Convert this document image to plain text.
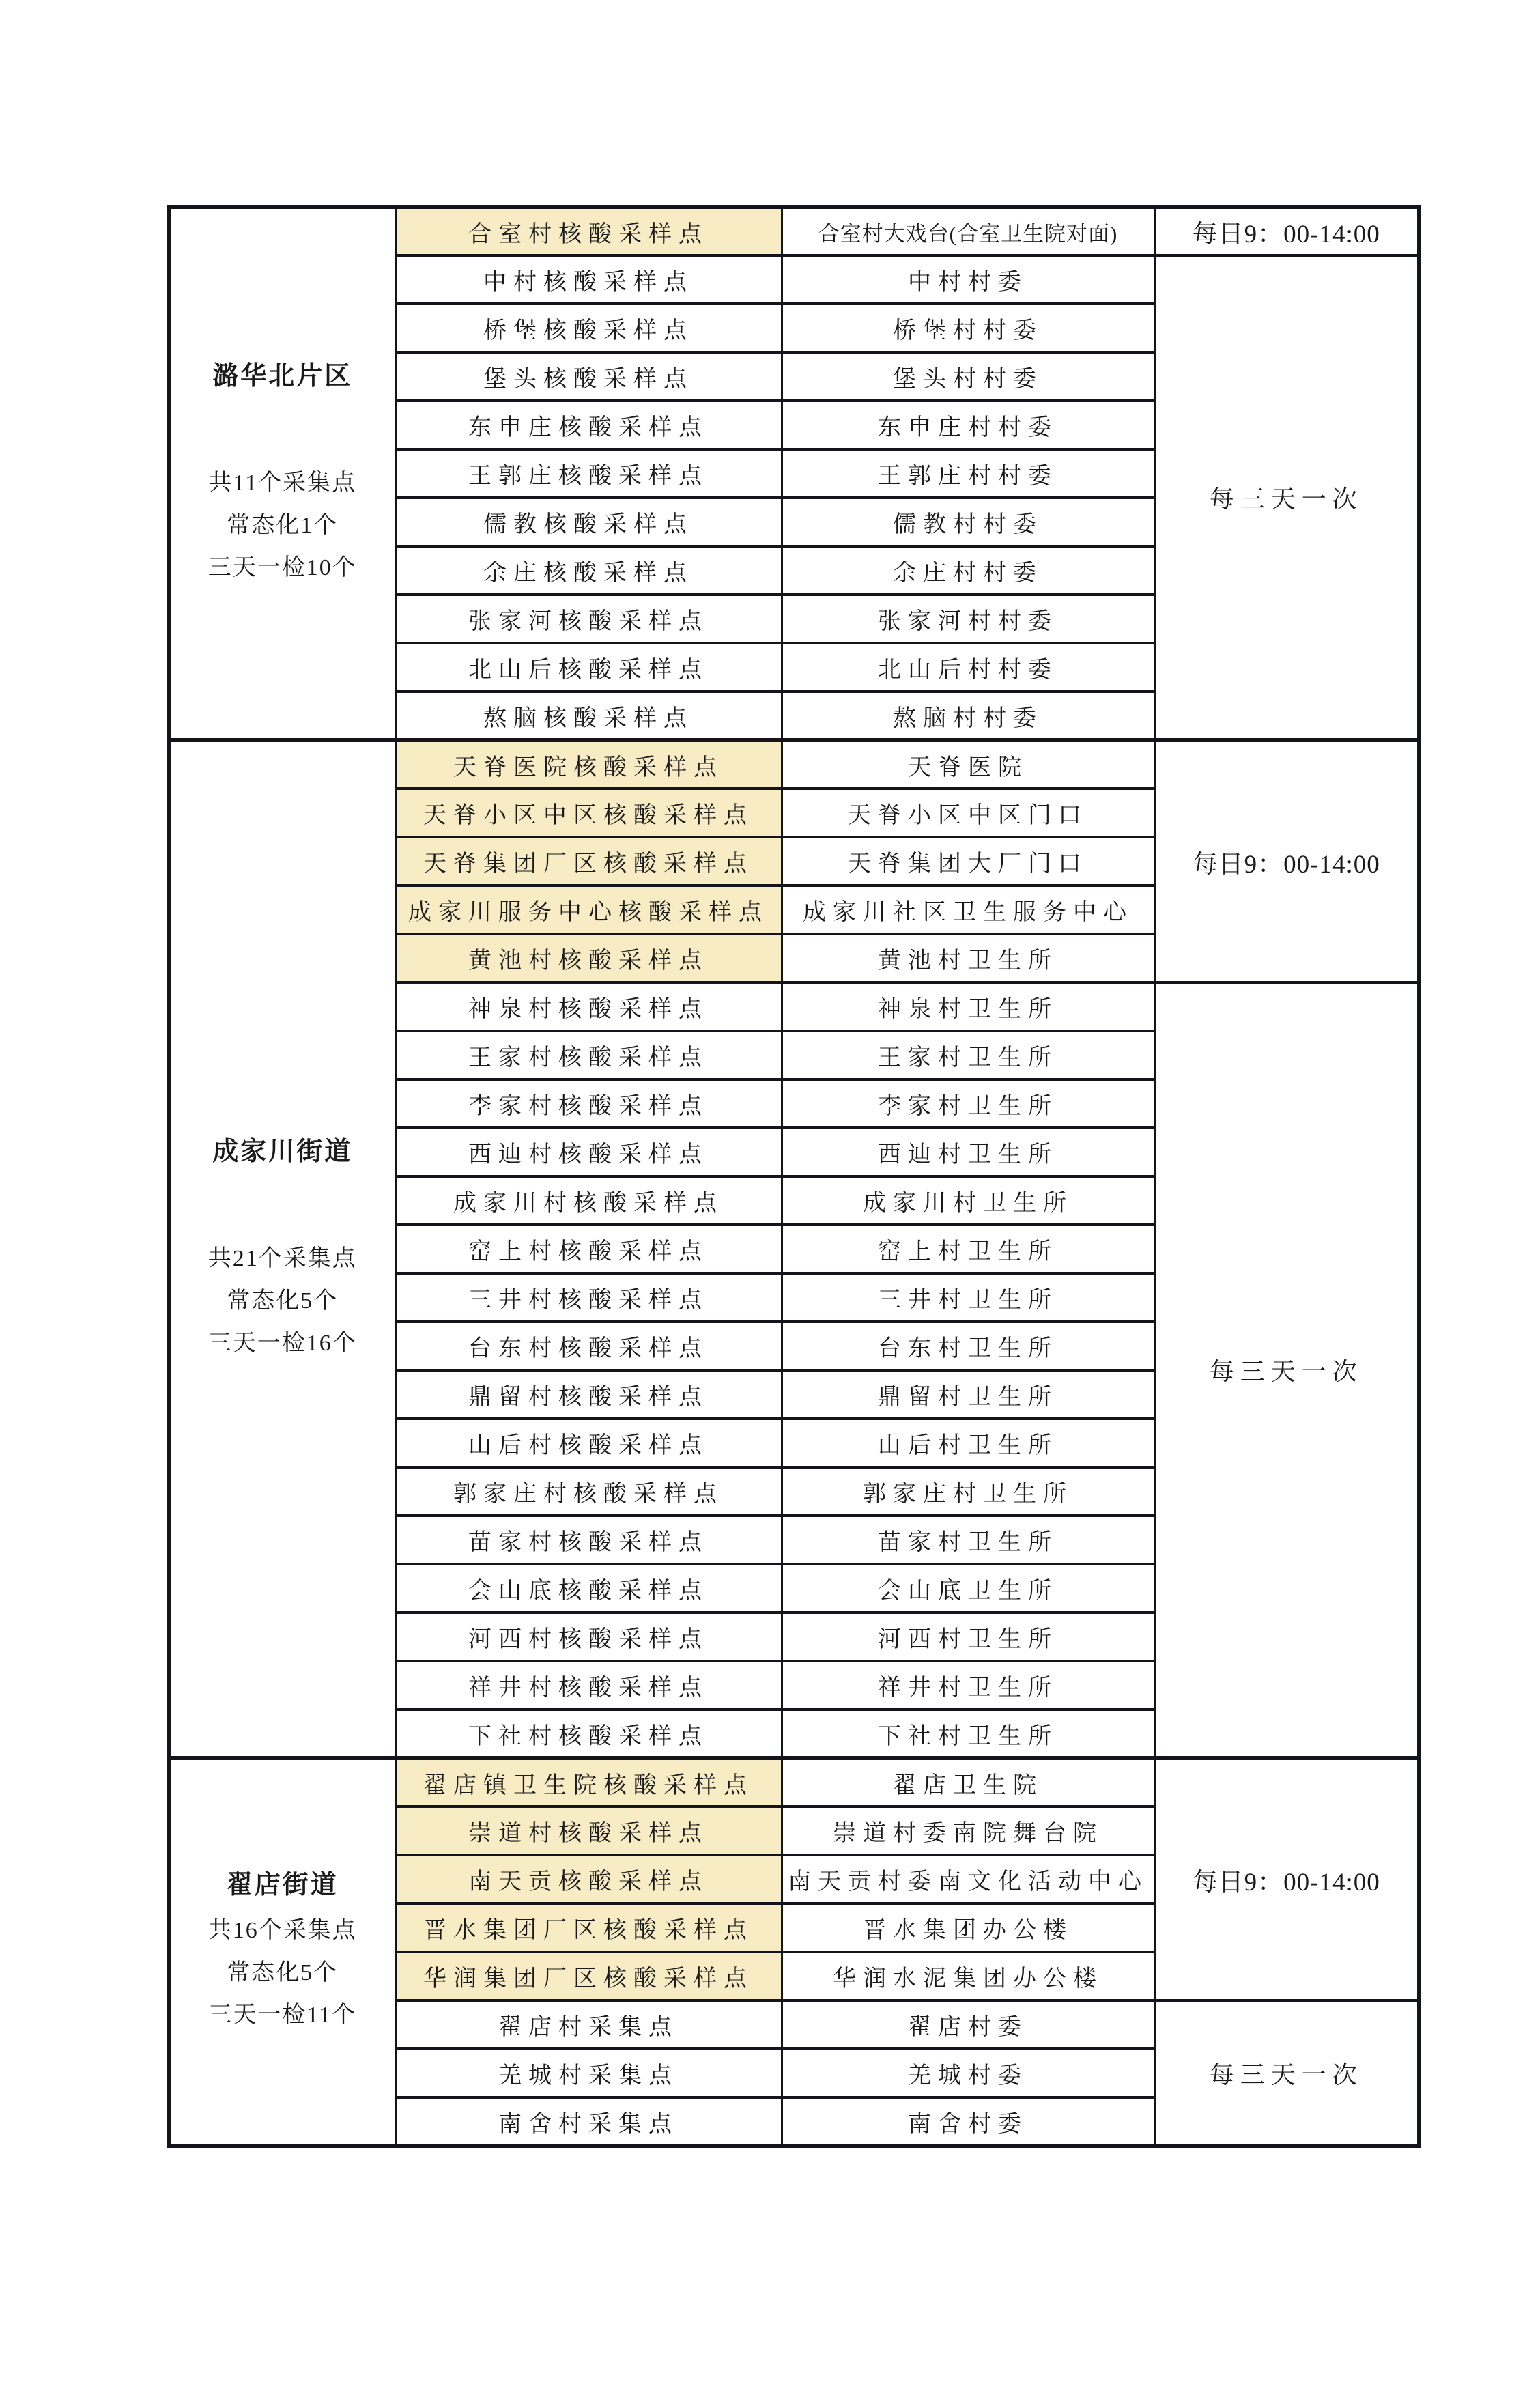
潞华北片区
共11个采集点
常态化1个
三天一检10个	合室村核酸采样点	合室村大戏台(合室卫生院对面)	每日9：00-14:00
	中村核酸采样点	中村村委	每三天一次
	桥堡核酸采样点	桥堡村村委	
	堡头核酸采样点	堡头村村委	
	东申庄核酸采样点	东申庄村村委	
	王郭庄核酸采样点	王郭庄村村委	
	儒教核酸采样点	儒教村村委	
	余庄核酸采样点	余庄村村委	
	张家河核酸采样点	张家河村村委	
	北山后核酸采样点	北山后村村委	
	熬脑核酸采样点	熬脑村村委	

成家川街道
共21个采集点
常态化5个
三天一检16个	天脊医院核酸采样点	天脊医院	每日9：00-14:00
	天脊小区中区核酸采样点	天脊小区中区门口	
	天脊集团厂区核酸采样点	天脊集团大厂门口	
	成家川服务中心核酸采样点	成家川社区卫生服务中心	
	黄池村核酸采样点	黄池村卫生所	
	神泉村核酸采样点	神泉村卫生所	每三天一次
	王家村核酸采样点	王家村卫生所	
	李家村核酸采样点	李家村卫生所	
	西辿村核酸采样点	西辿村卫生所	
	成家川村核酸采样点	成家川村卫生所	
	窑上村核酸采样点	窑上村卫生所	
	三井村核酸采样点	三井村卫生所	
	台东村核酸采样点	台东村卫生所	
	鼎留村核酸采样点	鼎留村卫生所	
	山后村核酸采样点	山后村卫生所	
	郭家庄村核酸采样点	郭家庄村卫生所	
	苗家村核酸采样点	苗家村卫生所	
	会山底核酸采样点	会山底卫生所	
	河西村核酸采样点	河西村卫生所	
	祥井村核酸采样点	祥井村卫生所	
	下社村核酸采样点	下社村卫生所	

翟店街道
共16个采集点
常态化5个
三天一检11个	翟店镇卫生院核酸采样点	翟店卫生院	每日9：00-14:00
	崇道村核酸采样点	崇道村委南院舞台院	
	南天贡核酸采样点	南天贡村委南文化活动中心	
	晋水集团厂区核酸采样点	晋水集团办公楼	
	华润集团厂区核酸采样点	华润水泥集团办公楼	
	翟店村采集点	翟店村委	每三天一次
	羌城村采集点	羌城村委	
	南舍村采集点	南舍村委	
